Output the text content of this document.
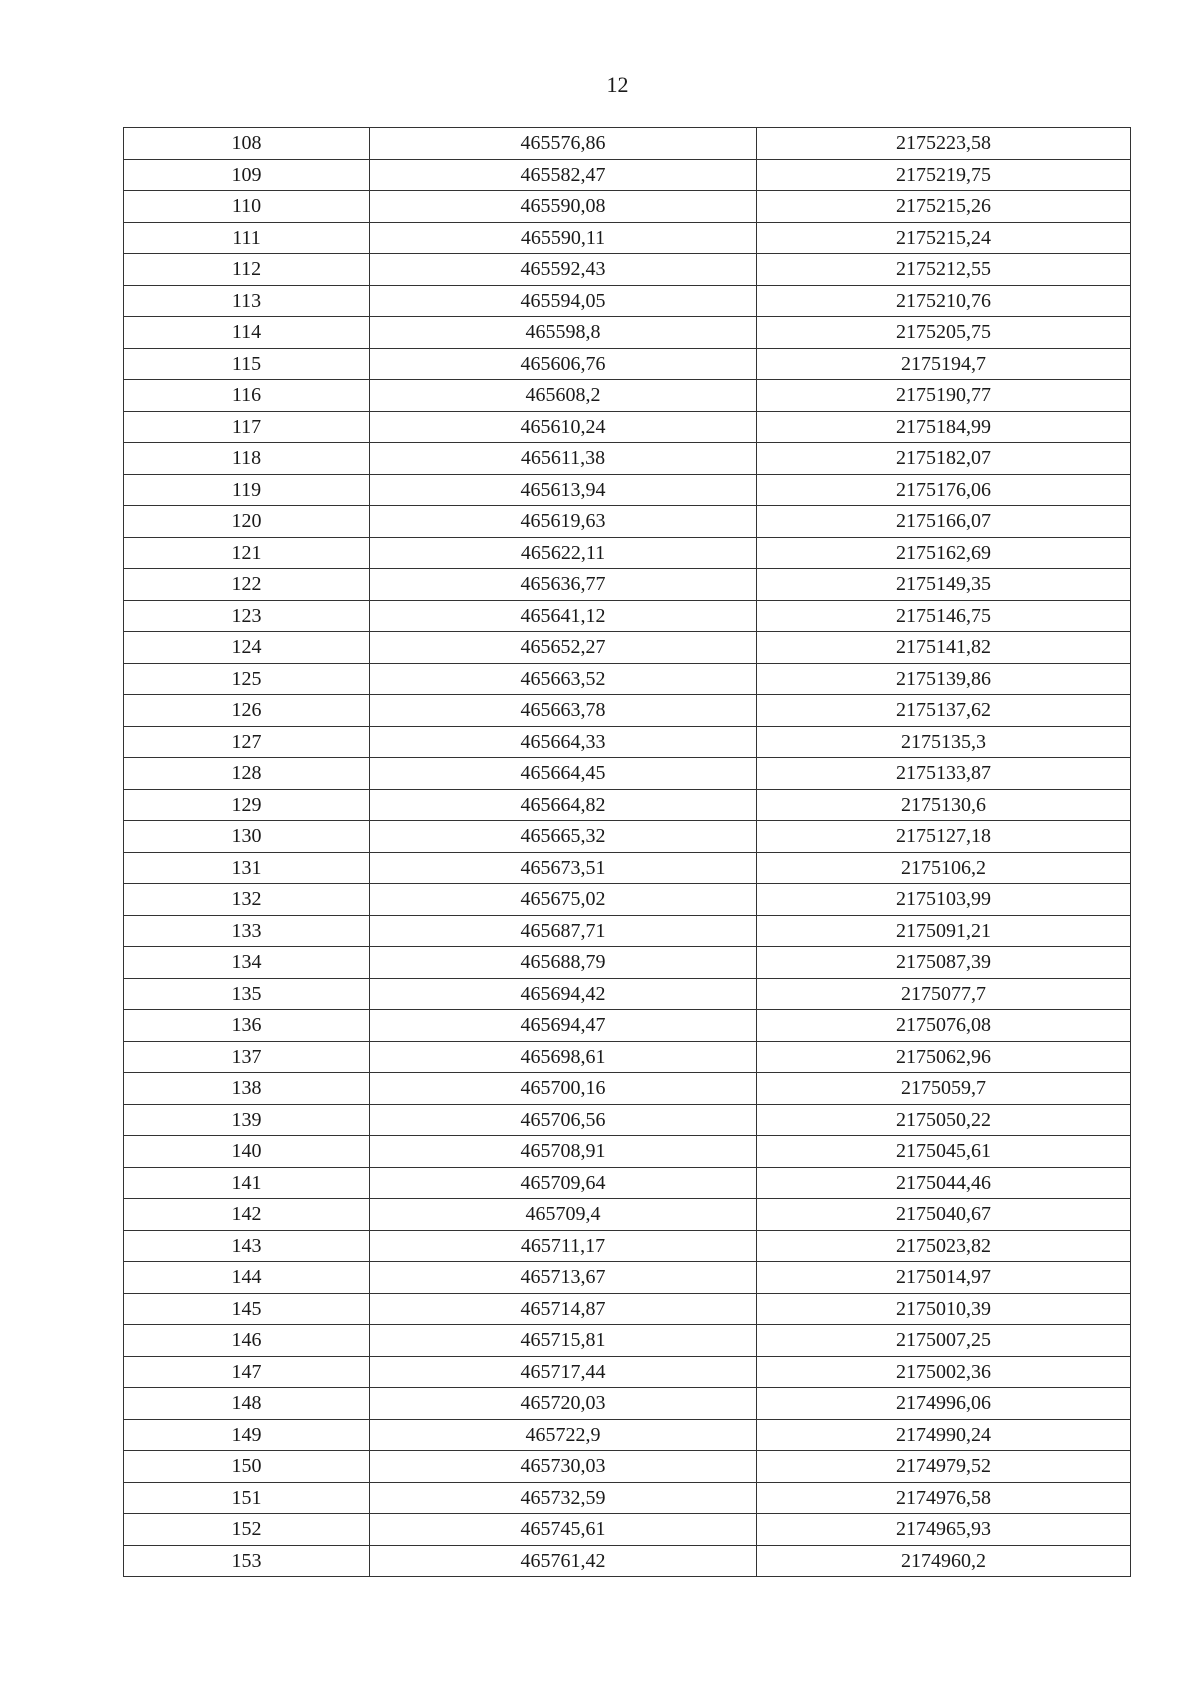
12
108	465576,86	2175223,58
109	465582,47	2175219,75
110	465590,08	2175215,26
111	465590,11	2175215,24
112	465592,43	2175212,55
113	465594,05	2175210,76
114	465598,8	2175205,75
115	465606,76	2175194,7
116	465608,2	2175190,77
117	465610,24	2175184,99
118	465611,38	2175182,07
119	465613,94	2175176,06
120	465619,63	2175166,07
121	465622,11	2175162,69
122	465636,77	2175149,35
123	465641,12	2175146,75
124	465652,27	2175141,82
125	465663,52	2175139,86
126	465663,78	2175137,62
127	465664,33	2175135,3
128	465664,45	2175133,87
129	465664,82	2175130,6
130	465665,32	2175127,18
131	465673,51	2175106,2
132	465675,02	2175103,99
133	465687,71	2175091,21
134	465688,79	2175087,39
135	465694,42	2175077,7
136	465694,47	2175076,08
137	465698,61	2175062,96
138	465700,16	2175059,7
139	465706,56	2175050,22
140	465708,91	2175045,61
141	465709,64	2175044,46
142	465709,4	2175040,67
143	465711,17	2175023,82
144	465713,67	2175014,97
145	465714,87	2175010,39
146	465715,81	2175007,25
147	465717,44	2175002,36
148	465720,03	2174996,06
149	465722,9	2174990,24
150	465730,03	2174979,52
151	465732,59	2174976,58
152	465745,61	2174965,93
153	465761,42	2174960,2
